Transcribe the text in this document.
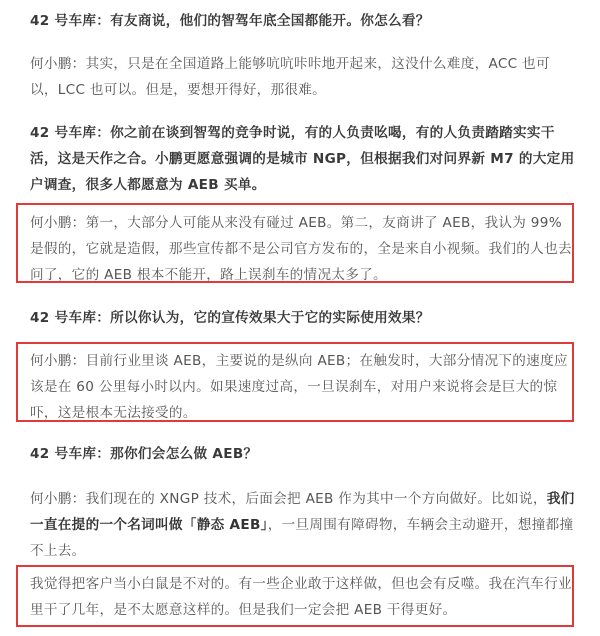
42 号车库：有友商说，他们的智驾年底全国都能开。你怎么看？
何小鹏：其实，只是在全国道路上能够吭吭咔咔地开起来，这没什么难度，ACC 也可以，LCC 也可以。但是，要想开得好，那很难。
42 号车库：你之前在谈到智驾的竞争时说，有的人负责吆喝，有的人负责踏踏实实干活，这是天作之合。小鹏更愿意强调的是城市 NGP，但根据我们对问界新 M7 的大定用户调查，很多人都愿意为 AEB 买单。
何小鹏：第一，大部分人可能从来没有碰过 AEB。第二，友商讲了 AEB，我认为 99% 是假的，它就是造假，那些宣传都不是公司官方发布的，全是来自小视频。我们的人也去问了，它的 AEB 根本不能开，路上误刹车的情况太多了。
42 号车库：所以你认为，它的宣传效果大于它的实际使用效果？
何小鹏：目前行业里谈 AEB，主要说的是纵向 AEB；在触发时，大部分情况下的速度应该是在 60 公里每小时以内。如果速度过高，一旦误刹车，对用户来说将会是巨大的惊吓，这是根本无法接受的。
42 号车库：那你们会怎么做 AEB？
何小鹏：我们现在的 XNGP 技术，后面会把 AEB 作为其中一个方向做好。比如说，我们一直在提的一个名词叫做「静态 AEB」，一旦周围有障碍物，车辆会主动避开，想撞都撞不上去。
我觉得把客户当小白鼠是不对的。有一些企业敢于这样做，但也会有反噬。我在汽车行业里干了几年，是不太愿意这样的。但是我们一定会把 AEB 干得更好。
